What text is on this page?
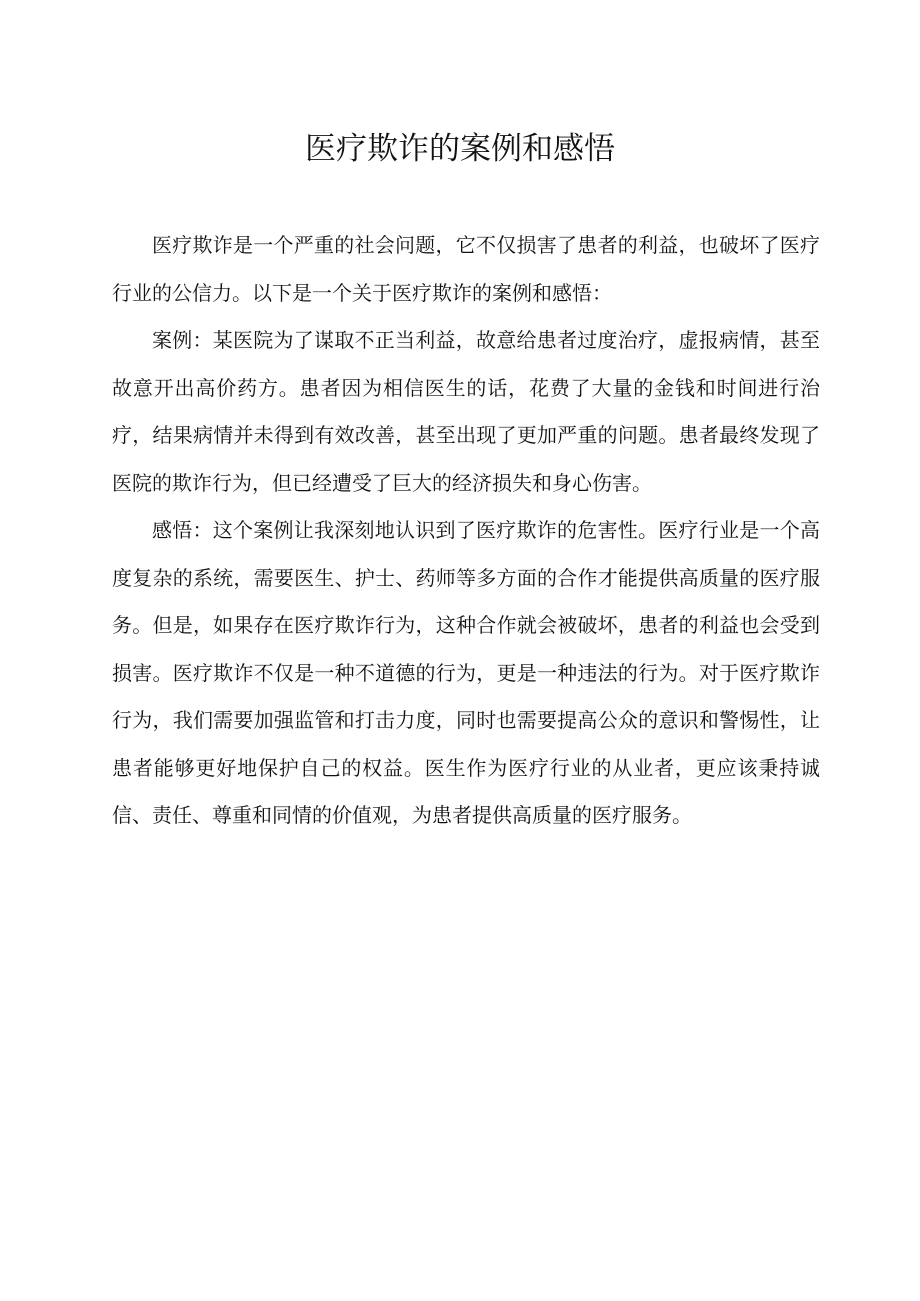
医疗欺诈的案例和感悟

医疗欺诈是一个严重的社会问题，它不仅损害了患者的利益，也破坏了医疗行业的公信力。以下是一个关于医疗欺诈的案例和感悟：

案例：某医院为了谋取不正当利益，故意给患者过度治疗，虚报病情，甚至故意开出高价药方。患者因为相信医生的话，花费了大量的金钱和时间进行治疗，结果病情并未得到有效改善，甚至出现了更加严重的问题。患者最终发现了医院的欺诈行为，但已经遭受了巨大的经济损失和身心伤害。

感悟：这个案例让我深刻地认识到了医疗欺诈的危害性。医疗行业是一个高度复杂的系统，需要医生、护士、药师等多方面的合作才能提供高质量的医疗服务。但是，如果存在医疗欺诈行为，这种合作就会被破坏，患者的利益也会受到损害。医疗欺诈不仅是一种不道德的行为，更是一种违法的行为。对于医疗欺诈行为，我们需要加强监管和打击力度，同时也需要提高公众的意识和警惕性，让患者能够更好地保护自己的权益。医生作为医疗行业的从业者，更应该秉持诚信、责任、尊重和同情的价值观，为患者提供高质量的医疗服务。
